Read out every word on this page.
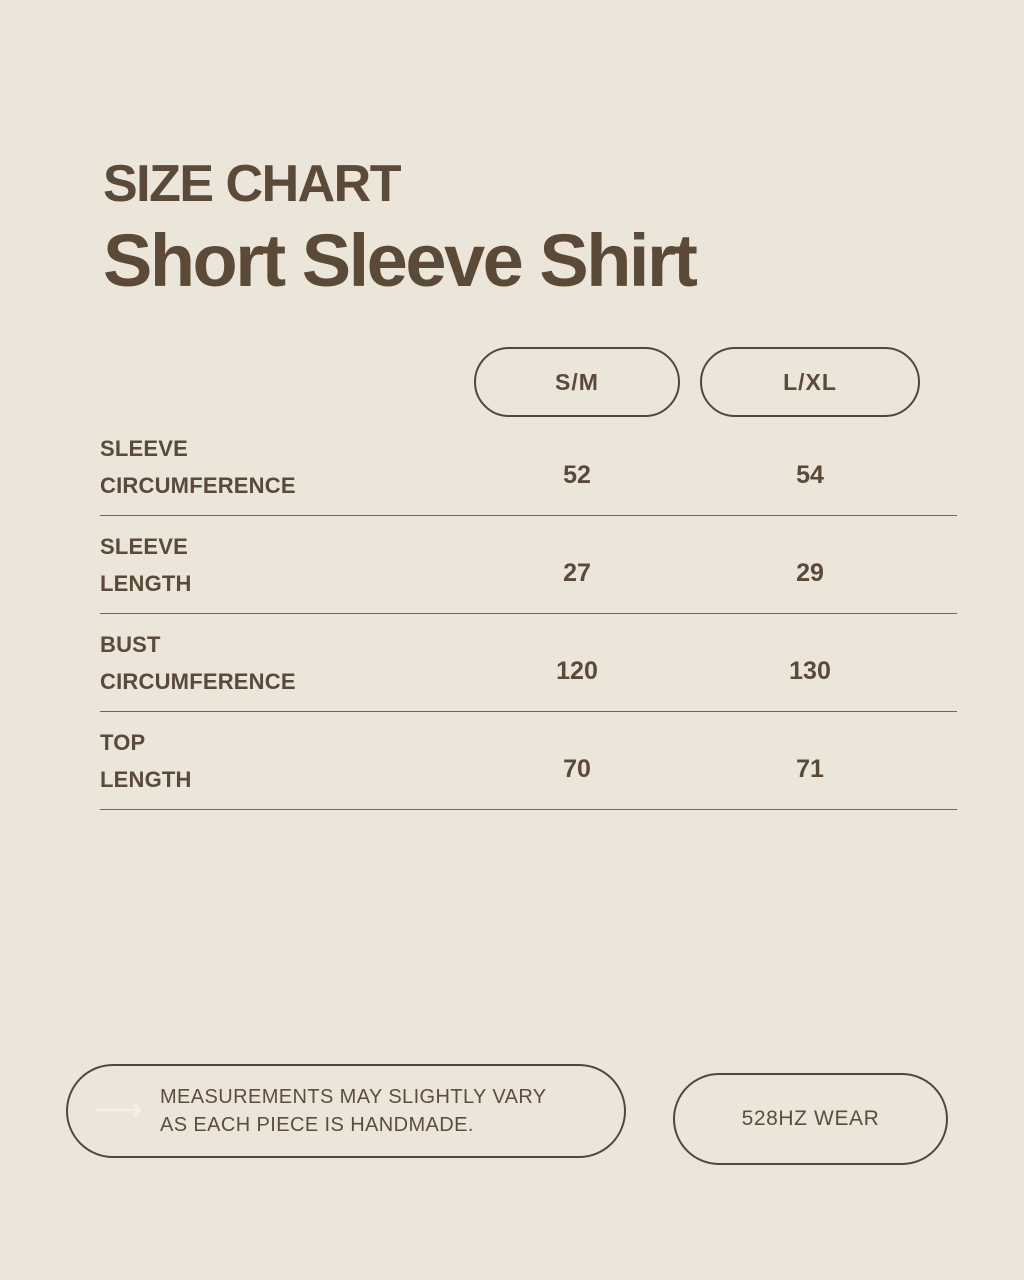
SIZE CHART
Short Sleeve Shirt
S/M	L/XL
SLEEVE
CIRCUMFERENCE	52	54
SLEEVE
LENGTH	27	29
BUST
CIRCUMFERENCE	120	130
TOP
LENGTH	70	71
⟶ MEASUREMENTS MAY SLIGHTLY VARY
AS EACH PIECE IS HANDMADE.	528HZ WEAR
